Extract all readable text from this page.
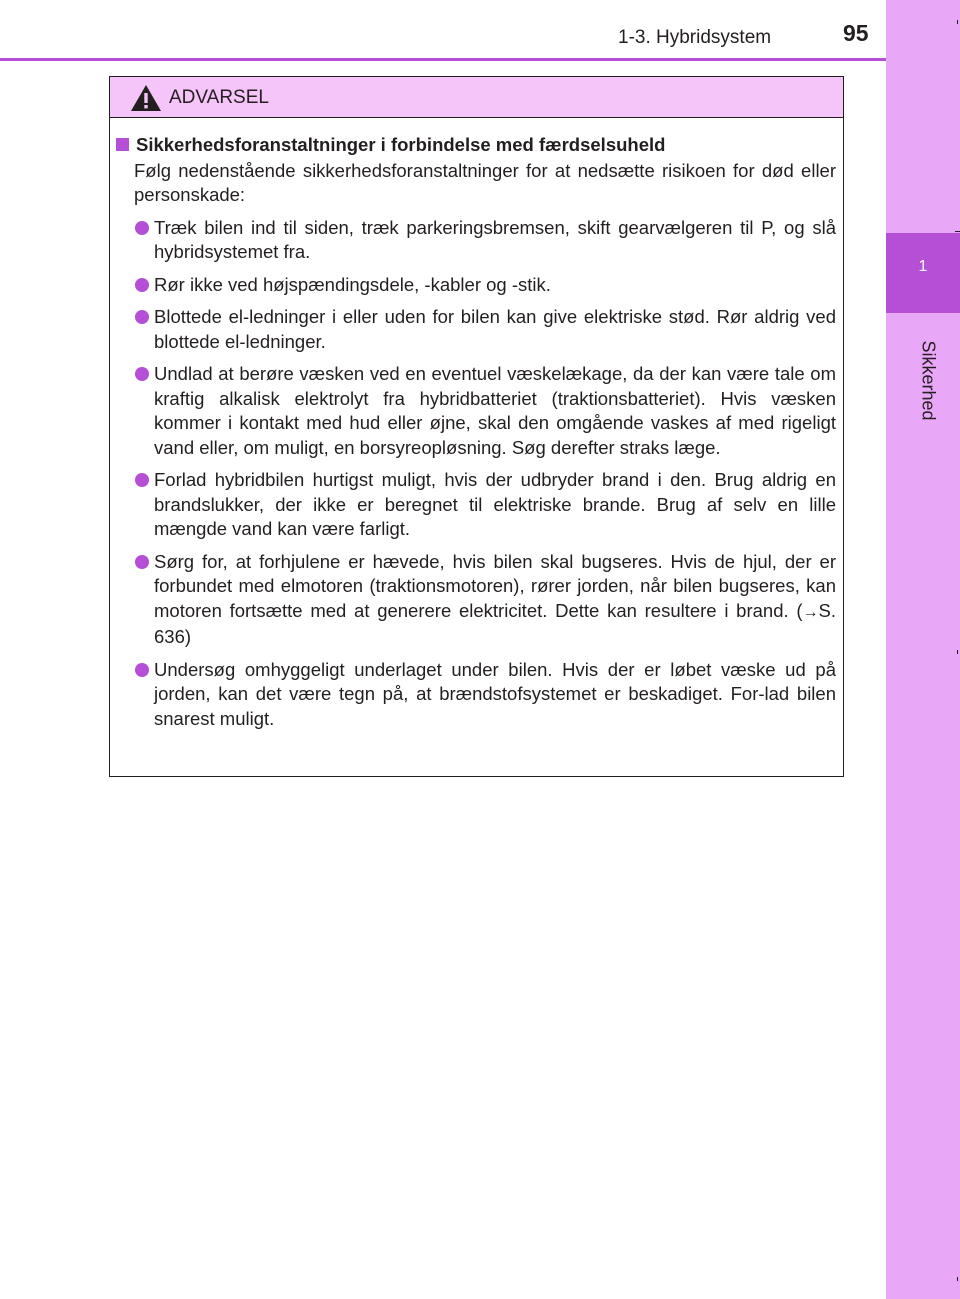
1
Sikkerhed
1-3. Hybridsystem	95
ADVARSEL
Sikkerhedsforanstaltninger i forbindelse med færdselsuheld
Følg nedenstående sikkerhedsforanstaltninger for at nedsætte risikoen for død eller personskade:
Træk bilen ind til siden, træk parkeringsbremsen, skift gearvælgeren til P, og slå hybridsystemet fra.
Rør ikke ved højspændingsdele, -kabler og -stik.
Blottede el-ledninger i eller uden for bilen kan give elektriske stød. Rør aldrig ved blottede el-ledninger.
Undlad at berøre væsken ved en eventuel væskelækage, da der kan være tale om kraftig alkalisk elektrolyt fra hybridbatteriet (traktionsbatteriet). Hvis væsken kommer i kontakt med hud eller øjne, skal den omgående vaskes af med rigeligt vand eller, om muligt, en borsyreopløsning. Søg derefter straks læge.
Forlad hybridbilen hurtigst muligt, hvis der udbryder brand i den. Brug aldrig en brandslukker, der ikke er beregnet til elektriske brande. Brug af selv en lille mængde vand kan være farligt.
Sørg for, at forhjulene er hævede, hvis bilen skal bugseres. Hvis de hjul, der er forbundet med elmotoren (traktionsmotoren), rører jorden, når bilen bugseres, kan motoren fortsætte med at generere elektricitet. Dette kan resultere i brand. (→S. 636)
Undersøg omhyggeligt underlaget under bilen. Hvis der er løbet væske ud på jorden, kan det være tegn på, at brændstofsystemet er beskadiget. For-lad bilen snarest muligt.
